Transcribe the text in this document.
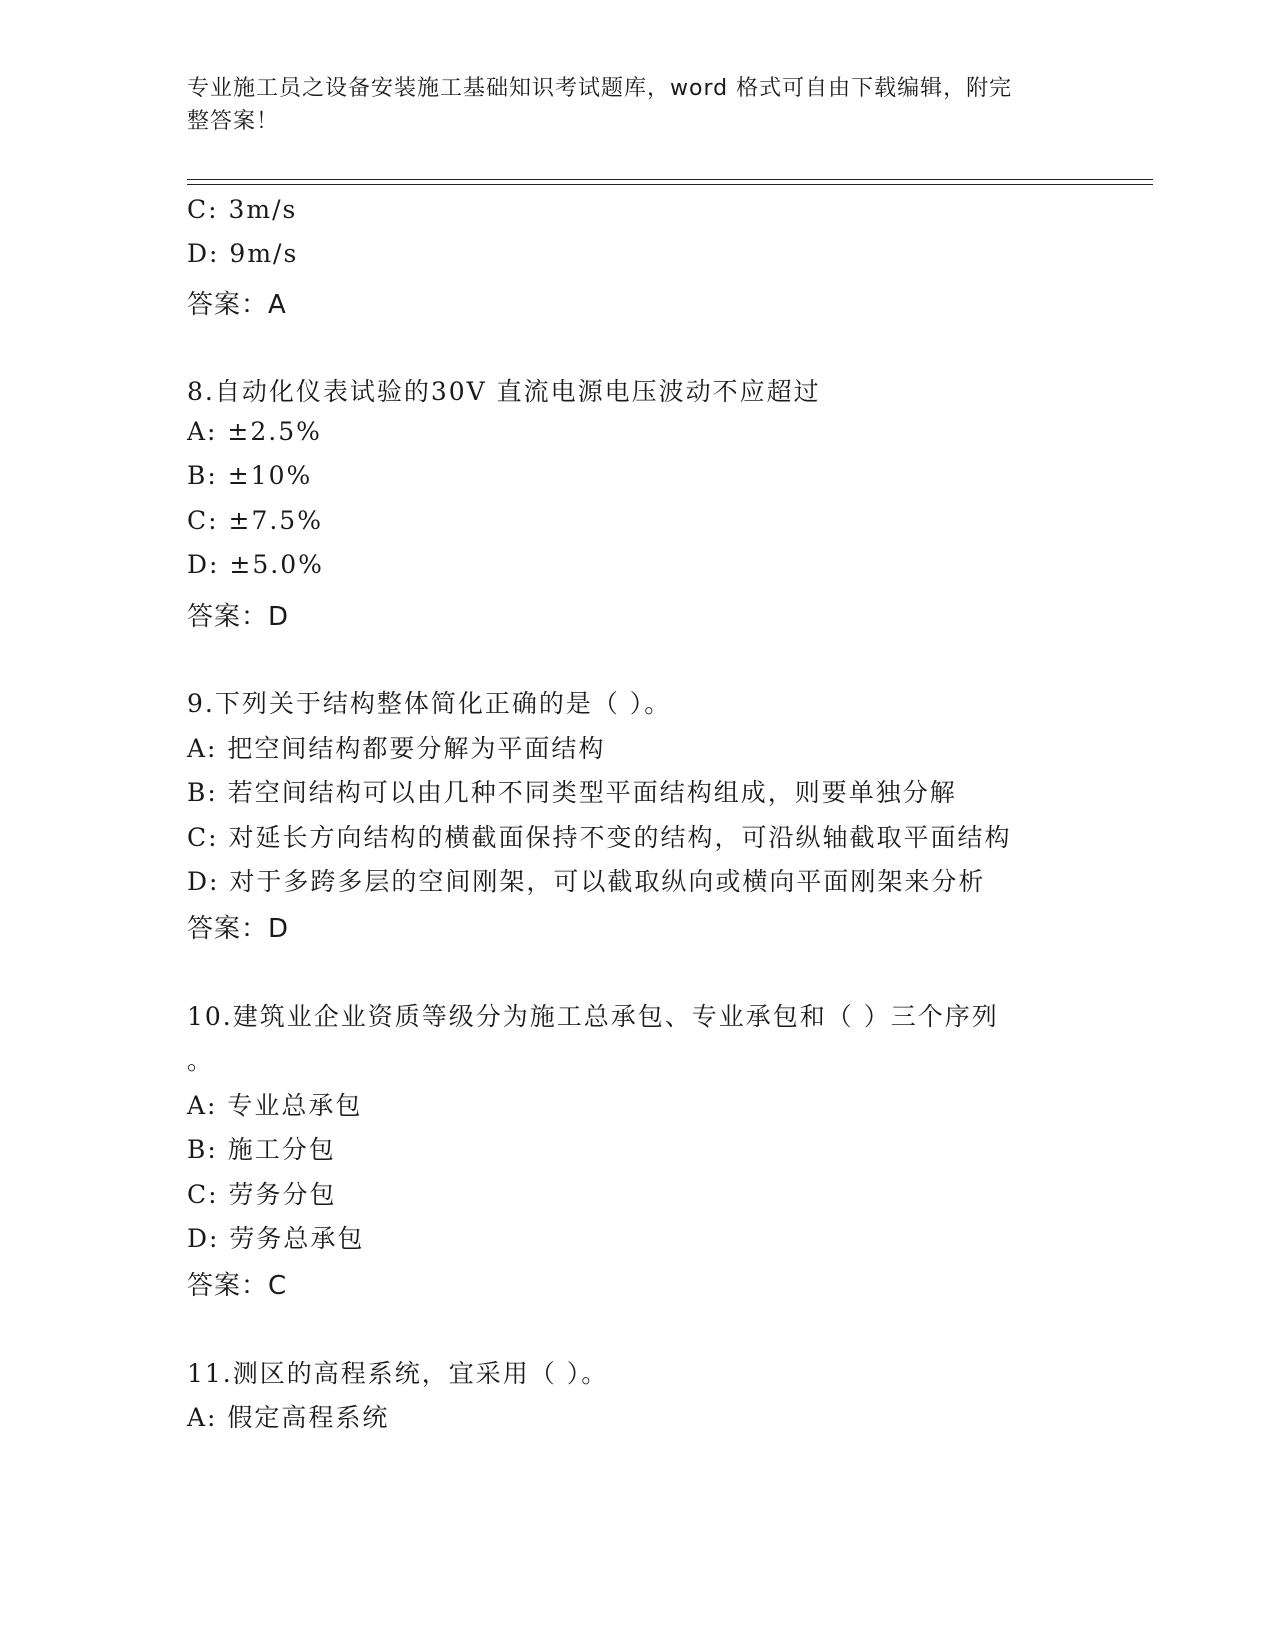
专业施工员之设备安装施工基础知识考试题库，word 格式可自由下载编辑，附完
整答案！
C: 3m/s
D: 9m/s
答案：A
8.自动化仪表试验的30V 直流电源电压波动不应超过
A: ±2.5%
B: ±10%
C: ±7.5%
D: ±5.0%
答案：D
9.下列关于结构整体简化正确的是（ ）。
A: 把空间结构都要分解为平面结构
B: 若空间结构可以由几种不同类型平面结构组成，则要单独分解
C: 对延长方向结构的横截面保持不变的结构，可沿纵轴截取平面结构
D: 对于多跨多层的空间刚架，可以截取纵向或横向平面刚架来分析
答案：D
10.建筑业企业资质等级分为施工总承包、专业承包和（ ）三个序列
。
A: 专业总承包
B: 施工分包
C: 劳务分包
D: 劳务总承包
答案：C
11.测区的高程系统，宜采用（ ）。
A: 假定高程系统
